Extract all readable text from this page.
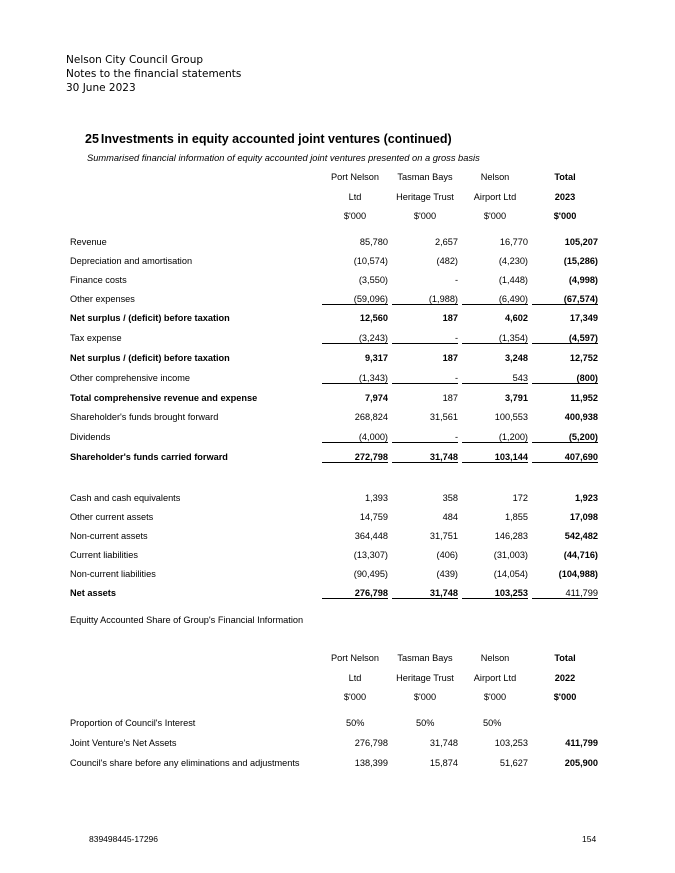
Nelson City Council Group
Notes to the financial statements
30 June 2023
25 Investments in equity accounted joint ventures (continued)
Summarised financial information of equity accounted joint ventures presented on a gross basis
Port Nelson
Ltd
$'000
Tasman Bays
Heritage Trust
$'000
Nelson
Airport Ltd
$'000
Total
2023
$'000
Revenue	85,780	2,657	16,770	105,207
Depreciation and amortisation	(10,574)	(482)	(4,230)	(15,286)
Finance costs	(3,550)	-	(1,448)	(4,998)
Other expenses	(59,096)	(1,988)	(6,490)	(67,574)
Net surplus / (deficit) before taxation	12,560	187	4,602	17,349
Tax expense	(3,243)	-	(1,354)	(4,597)
Net surplus / (deficit) before taxation	9,317	187	3,248	12,752
Other comprehensive income	(1,343)	-	543	(800)
Total comprehensive revenue and expense	7,974	187	3,791	11,952
Shareholder's funds brought forward	268,824	31,561	100,553	400,938
Dividends	(4,000)	-	(1,200)	(5,200)
Shareholder's funds carried forward	272,798	31,748	103,144	407,690
Cash and cash equivalents	1,393	358	172	1,923
Other current assets	14,759	484	1,855	17,098
Non-current assets	364,448	31,751	146,283	542,482
Current liabilities	(13,307)	(406)	(31,003)	(44,716)
Non-current liabilities	(90,495)	(439)	(14,054)	(104,988)
Net assets	276,798	31,748	103,253	411,799
Equitty Accounted Share of Group's Financial Information
Port Nelson
Ltd
$'000
Tasman Bays
Heritage Trust
$'000
Nelson
Airport Ltd
$'000
Total
2022
$'000
Proportion of Council's Interest	50%	50%	50%
Joint Venture's Net Assets	276,798	31,748	103,253	411,799
Council's share before any eliminations and adjustments	138,399	15,874	51,627	205,900
839498445-17296	154
